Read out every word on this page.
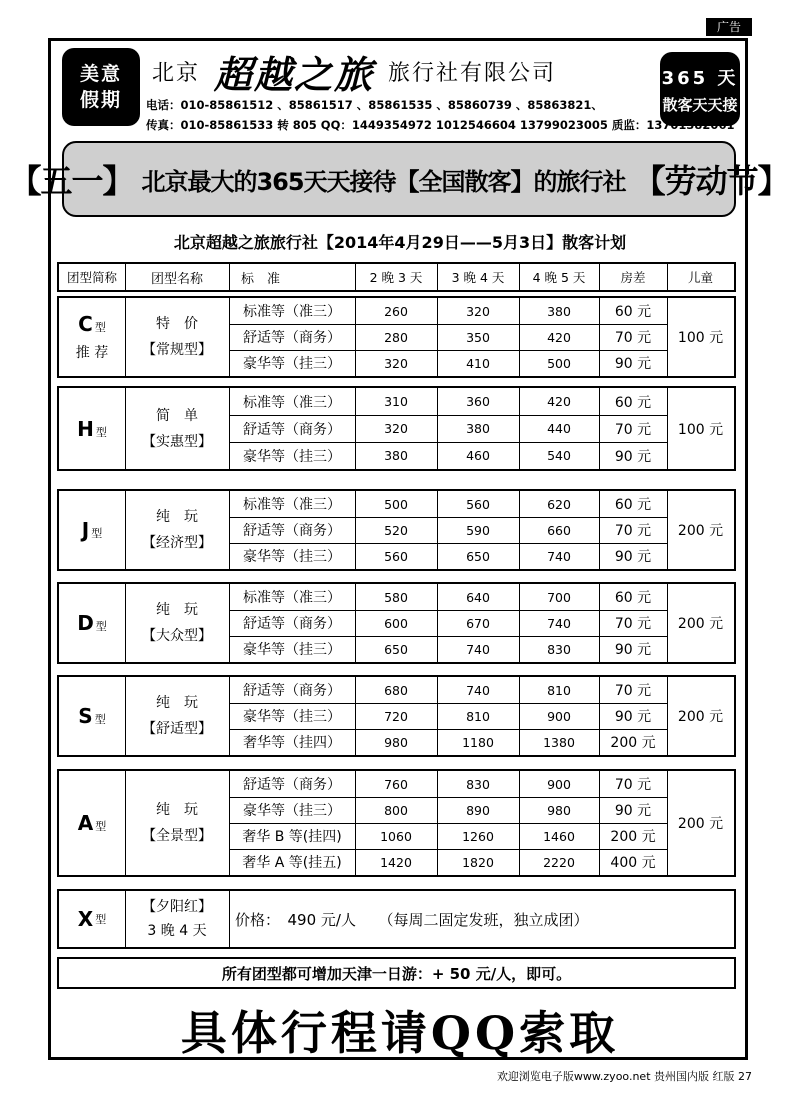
广告
美意
假期
北京 超越之旅 旅行社有限公司	365 天
散客天天接
电话：010-85861512 、85861517 、85861535 、85860739 、85863821、
传真：010-85861533 转 805 QQ：1449354972 1012546604 13799023005 质监：13701382061
【五一】 北京最大的365天天接待【全国散客】的旅行社 【劳动节】
北京超越之旅旅行社【2014年4月29日——5月3日】散客计划
团型简称	团型名称	标　准	2 晚 3 天	3 晚 4 天	4 晚 5 天	房差	儿童
C 型
推 荐
特　价
【常规型】
标准等（准三）	260	320	380	60 元
舒适等（商务）	280	350	420	70 元
豪华等（挂三）	320	410	500	90 元
100 元
H 型
简　单
【实惠型】
标准等（准三）	310	360	420	60 元
舒适等（商务）	320	380	440	70 元
豪华等（挂三）	380	460	540	90 元
100 元
J 型
纯　玩
【经济型】
标准等（准三）	500	560	620	60 元
舒适等（商务）	520	590	660	70 元
豪华等（挂三）	560	650	740	90 元
200 元
D 型
纯　玩
【大众型】
标准等（准三）	580	640	700	60 元
舒适等（商务）	600	670	740	70 元
豪华等（挂三）	650	740	830	90 元
200 元
S 型
纯　玩
【舒适型】
舒适等（商务）	680	740	810	70 元
豪华等（挂三）	720	810	900	90 元
奢华等（挂四）	980	1180	1380	200 元
200 元
A 型
纯　玩
【全景型】
舒适等（商务）	760	830	900	70 元
豪华等（挂三）	800	890	980	90 元
奢华 B 等(挂四)	1060	1260	1460	200 元
奢华 A 等(挂五)	1420	1820	2220	400 元
200 元
X 型
【夕阳红】
3 晚 4 天
价格：　490 元/人　　（每周二固定发班，独立成团）
所有团型都可增加天津一日游：+ 50 元/人，即可。
具体行程请QQ索取
欢迎浏览电子版www.zyoo.net 贵州国内版 红版 27
